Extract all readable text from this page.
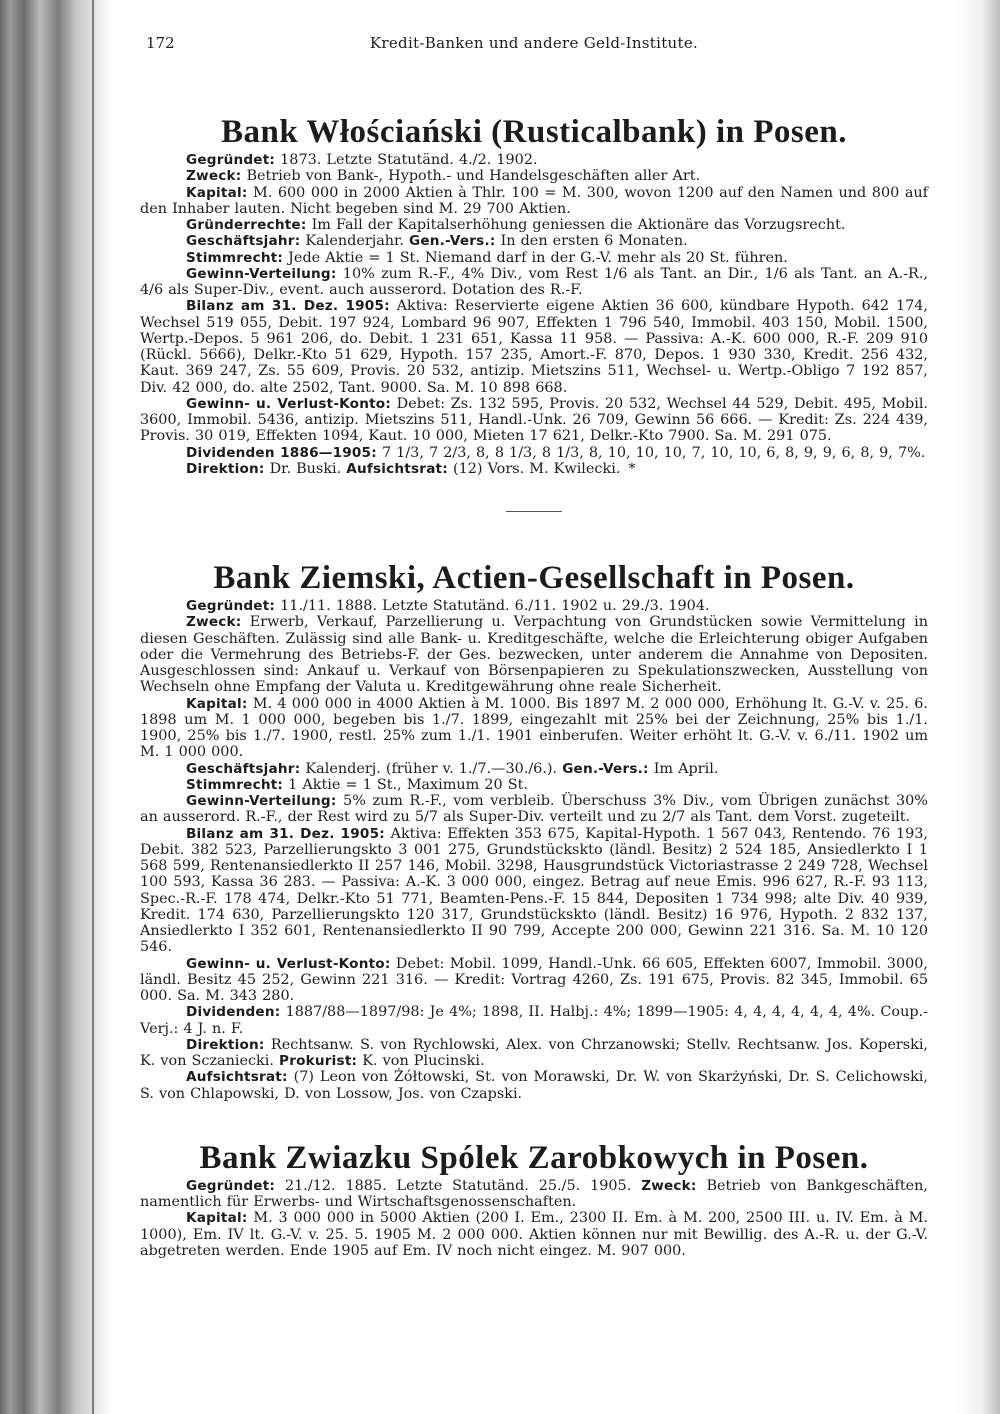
172	Kredit-Banken und andere Geld-Institute.
Bank Włościański (Rusticalbank) in Posen.

Gegründet: 1873. Letzte Statutänd. 4./2. 1902.

Zweck: Betrieb von Bank-, Hypoth.- und Handelsgeschäften aller Art.

Kapital: M. 600 000 in 2000 Aktien à Thlr. 100 = M. 300, wovon 1200 auf den Namen und 800 auf den Inhaber lauten. Nicht begeben sind M. 29 700 Aktien.

Gründerrechte: Im Fall der Kapitalserhöhung geniessen die Aktionäre das Vorzugsrecht.

Geschäftsjahr: Kalenderjahr. Gen.-Vers.: In den ersten 6 Monaten.

Stimmrecht: Jede Aktie = 1 St. Niemand darf in der G.-V. mehr als 20 St. führen.

Gewinn-Verteilung: 10% zum R.-F., 4% Div., vom Rest 1/6 als Tant. an Dir., 1/6 als Tant. an A.-R., 4/6 als Super-Div., event. auch ausserord. Dotation des R.-F.

Bilanz am 31. Dez. 1905: Aktiva: Reservierte eigene Aktien 36 600, kündbare Hypoth. 642 174, Wechsel 519 055, Debit. 197 924, Lombard 96 907, Effekten 1 796 540, Immobil. 403 150, Mobil. 1500, Wertp.-Depos. 5 961 206, do. Debit. 1 231 651, Kassa 11 958. — Passiva: A.-K. 600 000, R.-F. 209 910 (Rückl. 5666), Delkr.-Kto 51 629, Hypoth. 157 235, Amort.-F. 870, Depos. 1 930 330, Kredit. 256 432, Kaut. 369 247, Zs. 55 609, Provis. 20 532, antizip. Mietszins 511, Wechsel- u. Wertp.-Obligo 7 192 857, Div. 42 000, do. alte 2502, Tant. 9000. Sa. M. 10 898 668.

Gewinn- u. Verlust-Konto: Debet: Zs. 132 595, Provis. 20 532, Wechsel 44 529, Debit. 495, Mobil. 3600, Immobil. 5436, antizip. Mietszins 511, Handl.-Unk. 26 709, Gewinn 56 666. — Kredit: Zs. 224 439, Provis. 30 019, Effekten 1094, Kaut. 10 000, Mieten 17 621, Delkr.-Kto 7900. Sa. M. 291 075.

Dividenden 1886—1905: 7 1/3, 7 2/3, 8, 8 1/3, 8 1/3, 8, 10, 10, 10, 7, 10, 10, 6, 8, 9, 9, 6, 8, 9, 7%.

Direktion: Dr. Buski. Aufsichtsrat: (12) Vors. M. Kwilecki. *

Bank Ziemski, Actien-Gesellschaft in Posen.

Gegründet: 11./11. 1888. Letzte Statutänd. 6./11. 1902 u. 29./3. 1904.

Zweck: Erwerb, Verkauf, Parzellierung u. Verpachtung von Grundstücken sowie Vermittelung in diesen Geschäften. Zulässig sind alle Bank- u. Kreditgeschäfte, welche die Erleichterung obiger Aufgaben oder die Vermehrung des Betriebs-F. der Ges. bezwecken, unter anderem die Annahme von Depositen. Ausgeschlossen sind: Ankauf u. Verkauf von Börsenpapieren zu Spekulationszwecken, Ausstellung von Wechseln ohne Empfang der Valuta u. Kreditgewährung ohne reale Sicherheit.

Kapital: M. 4 000 000 in 4000 Aktien à M. 1000. Bis 1897 M. 2 000 000, Erhöhung lt. G.-V. v. 25. 6. 1898 um M. 1 000 000, begeben bis 1./7. 1899, eingezahlt mit 25% bei der Zeichnung, 25% bis 1./1. 1900, 25% bis 1./7. 1900, restl. 25% zum 1./1. 1901 einberufen. Weiter erhöht lt. G.-V. v. 6./11. 1902 um M. 1 000 000.

Geschäftsjahr: Kalenderj. (früher v. 1./7.—30./6.). Gen.-Vers.: Im April.

Stimmrecht: 1 Aktie = 1 St., Maximum 20 St.

Gewinn-Verteilung: 5% zum R.-F., vom verbleib. Überschuss 3% Div., vom Übrigen zunächst 30% an ausserord. R.-F., der Rest wird zu 5/7 als Super-Div. verteilt und zu 2/7 als Tant. dem Vorst. zugeteilt.

Bilanz am 31. Dez. 1905: Aktiva: Effekten 353 675, Kapital-Hypoth. 1 567 043, Rentendo. 76 193, Debit. 382 523, Parzellierungskto 3 001 275, Grundstückskto (ländl. Besitz) 2 524 185, Ansiedlerkto I 1 568 599, Rentenansiedlerkto II 257 146, Mobil. 3298, Hausgrundstück Victoriastrasse 2 249 728, Wechsel 100 593, Kassa 36 283. — Passiva: A.-K. 3 000 000, eingez. Betrag auf neue Emis. 996 627, R.-F. 93 113, Spec.-R.-F. 178 474, Delkr.-Kto 51 771, Beamten-Pens.-F. 15 844, Depositen 1 734 998; alte Div. 40 939, Kredit. 174 630, Parzellierungskto 120 317, Grundstückskto (ländl. Besitz) 16 976, Hypoth. 2 832 137, Ansiedlerkto I 352 601, Rentenansiedlerkto II 90 799, Accepte 200 000, Gewinn 221 316. Sa. M. 10 120 546.

Gewinn- u. Verlust-Konto: Debet: Mobil. 1099, Handl.-Unk. 66 605, Effekten 6007, Immobil. 3000, ländl. Besitz 45 252, Gewinn 221 316. — Kredit: Vortrag 4260, Zs. 191 675, Provis. 82 345, Immobil. 65 000. Sa. M. 343 280.

Dividenden: 1887/88—1897/98: Je 4%; 1898, II. Halbj.: 4%; 1899—1905: 4, 4, 4, 4, 4, 4, 4%. Coup.-Verj.: 4 J. n. F.

Direktion: Rechtsanw. S. von Rychlowski, Alex. von Chrzanowski; Stellv. Rechtsanw. Jos. Koperski, K. von Sczaniecki. Prokurist: K. von Plucinski.

Aufsichtsrat: (7) Leon von Żółtowski, St. von Morawski, Dr. W. von Skarżyński, Dr. S. Celichowski, S. von Chlapowski, D. von Lossow, Jos. von Czapski.

Bank Zwiazku Spólek Zarobkowych in Posen.

Gegründet: 21./12. 1885. Letzte Statutänd. 25./5. 1905. Zweck: Betrieb von Bankgeschäften, namentlich für Erwerbs- und Wirtschaftsgenossenschaften.

Kapital: M. 3 000 000 in 5000 Aktien (200 I. Em., 2300 II. Em. à M. 200, 2500 III. u. IV. Em. à M. 1000), Em. IV lt. G.-V. v. 25. 5. 1905 M. 2 000 000. Aktien können nur mit Bewillig. des A.-R. u. der G.-V. abgetreten werden. Ende 1905 auf Em. IV noch nicht eingez. M. 907 000.
